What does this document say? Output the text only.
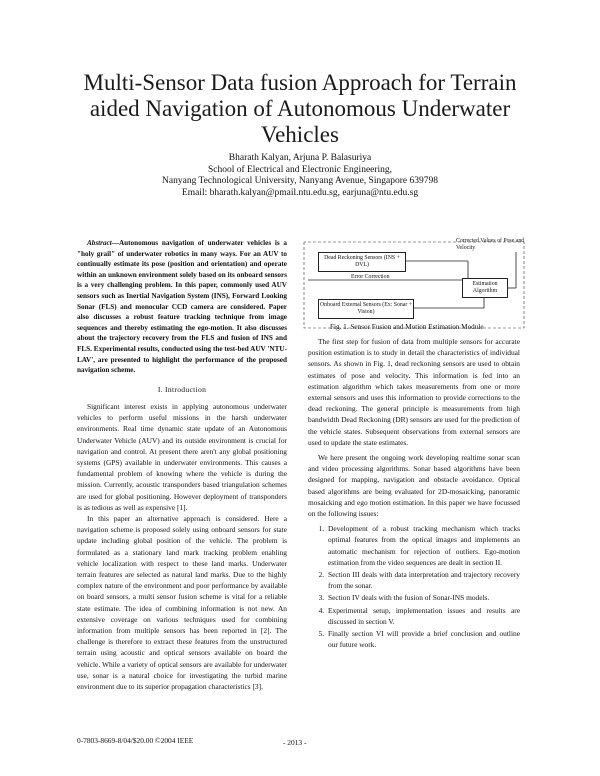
Multi-Sensor Data fusion Approach for Terrain aided Navigation of Autonomous Underwater Vehicles
Bharath Kalyan, Arjuna P. Balasuriya
School of Electrical and Electronic Engineering,
Nanyang Technological University, Nanyang Avenue, Singapore 639798
Email: bharath.kalyan@pmail.ntu.edu.sg, earjuna@ntu.edu.sg

Abstract—Autonomous navigation of underwater vehicles is a "holy grail" of underwater robotics in many ways. For an AUV to continually estimate its pose (position and orientation) and operate within an unknown environment solely based on its onboard sensors is a very challenging problem. In this paper, commonly used AUV sensors such as Inertial Navigation System (INS), Forward Looking Sonar (FLS) and monocular CCD camera are considered. Paper also discusses a robust feature tracking technique from image sequences and thereby estimating the ego-motion. It also discusses about the trajectory recovery from the FLS and fusion of INS and FLS. Experimental results, conducted using the test-bed AUV 'NTU-LAV', are presented to highlight the performance of the proposed navigation scheme.

I. Introduction

Significant interest exists in applying autonomous underwater vehicles to perform useful missions in the harsh underwater environments. Real time dynamic state update of an Autonomous Underwater Vehicle (AUV) and its outside environment is crucial for navigation and control. At present there aren't any global positioning systems (GPS) available in underwater environments. This causes a fundamental problem of knowing where the vehicle is during the mission. Currently, acoustic transponders based triangulation schemes are used for global positioning. However deployment of transponders is as tedious as well as expensive [1].

In this paper an alternative approach is considered. Here a navigation scheme is proposed solely using onboard sensors for state update including global position of the vehicle. The problem is formulated as a stationary land mark tracking problem enabling vehicle localization with respect to these land marks. Underwater terrain features are selected as natural land marks. Due to the highly complex nature of the environment and poor performance by available on board sensors, a multi sensor fusion scheme is vital for a reliable state estimate. The idea of combining information is not new. An extensive coverage on various techniques used for combining information from multiple sensors has been reported in [2]. The challenge is therefore to extract these features from the unstructured terrain using acoustic and optical sensors available on board the vehicle. While a variety of optical sensors are available for underwater use, sonar is a natural choice for investigating the turbid marine environment due to its superior propagation characteristics [3].

Dead Reckoning Sensors (INS + DVL)
Error Correction
Estimation Algorithm
Onboard External Sensors (Ex: Sonar + Vision)
Corrected Values of Pose and Velocity
Fig. 1. Sensor Fusion and Motion Estimation Module

The first step for fusion of data from multiple sensors for accurate position estimation is to study in detail the characteristics of individual sensors. As shown in Fig. 1, dead reckoning sensors are used to obtain estimates of pose and velocity. This information is fed into an estimation algorithm which takes measurements from one or more external sensors and uses this information to provide corrections to the dead reckoning. The general principle is measurements from high bandwidth Dead Reckoning (DR) sensors are used for the prediction of the vehicle states. Subsequent observations from external sensors are used to update the state estimates.

We here present the ongoing work developing realtime sonar scan and video processing algorithms. Sonar based algorithms have been designed for mapping, navigation and obstacle avoidance. Optical based algorithms are being evaluated for 2D-mosaicking, panoramic mosaicking and ego motion estimation. In this paper we have focussed on the following issues:

1. Development of a robust tracking mechanism which tracks optimal features from the optical images and implements an automatic mechanism for rejection of outliers. Ego-motion estimation from the video sequences are dealt in section II.
2. Section III deals with data interpretation and trajectory recovery from the sonar.
3. Section IV deals with the fusion of Sonar-INS models.
4. Experimental setup, implementation issues and results are discussed in section V.
5. Finally section VI will provide a brief conclusion and outline our future work.
0-7803-8669-8/04/$20.00 ©2004 IEEE	- 2013 -
